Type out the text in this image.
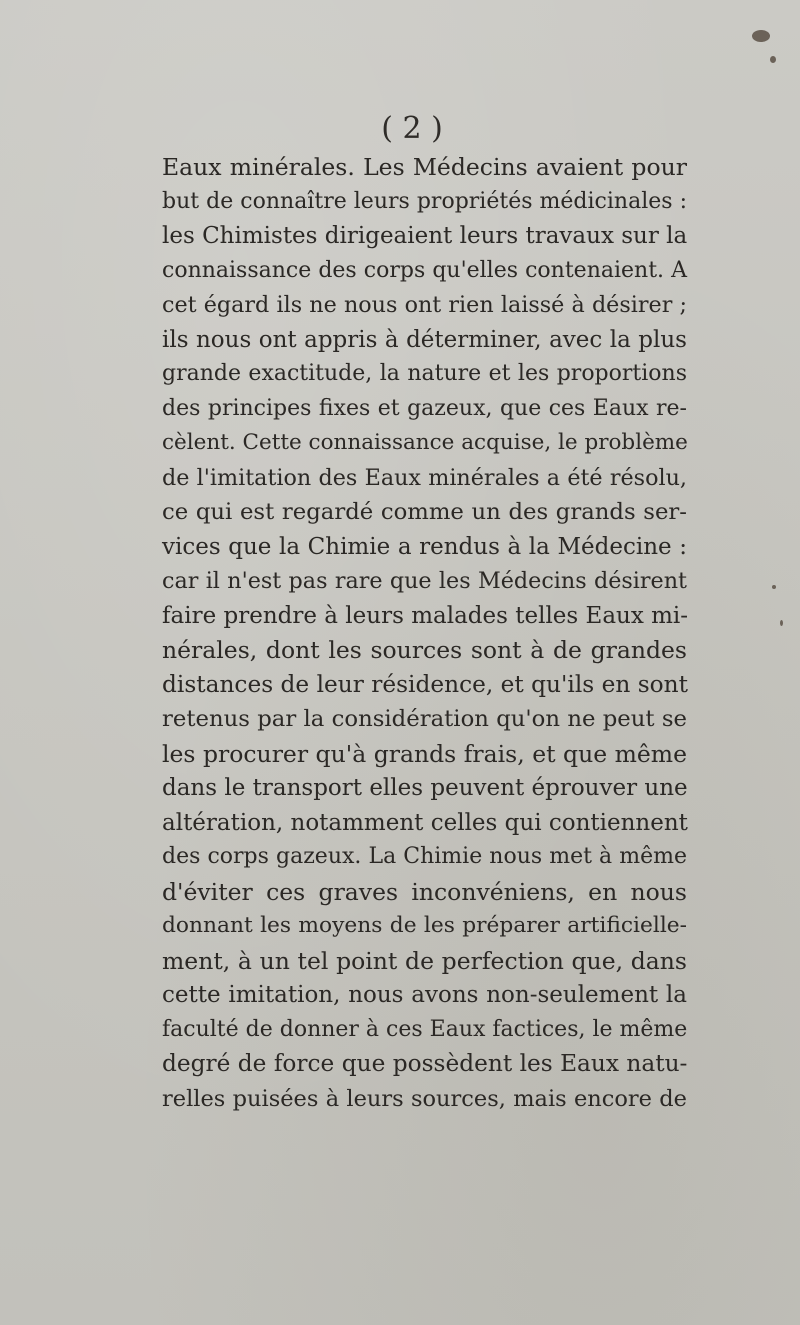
( 2 )
Eaux minérales. Les Médecins avaient pour
but de connaître leurs propriétés médicinales :
les Chimistes dirigeaient leurs travaux sur la
connaissance des corps qu'elles contenaient. A
cet égard ils ne nous ont rien laissé à désirer ;
ils nous ont appris à déterminer, avec la plus
grande exactitude, la nature et les proportions
des principes fixes et gazeux, que ces Eaux re-
cèlent. Cette connaissance acquise, le problème
de l'imitation des Eaux minérales a été résolu,
ce qui est regardé comme un des grands ser-
vices que la Chimie a rendus à la Médecine :
car il n'est pas rare que les Médecins désirent
faire prendre à leurs malades telles Eaux mi-
nérales, dont les sources sont à de grandes
distances de leur résidence, et qu'ils en sont
retenus par la considération qu'on ne peut se
les procurer qu'à grands frais, et que même
dans le transport elles peuvent éprouver une
altération, notamment celles qui contiennent
des corps gazeux. La Chimie nous met à même
d'éviter ces graves inconvéniens, en nous
donnant les moyens de les préparer artificielle-
ment, à un tel point de perfection que, dans
cette imitation, nous avons non-seulement la
faculté de donner à ces Eaux factices, le même
degré de force que possèdent les Eaux natu-
relles puisées à leurs sources, mais encore de
